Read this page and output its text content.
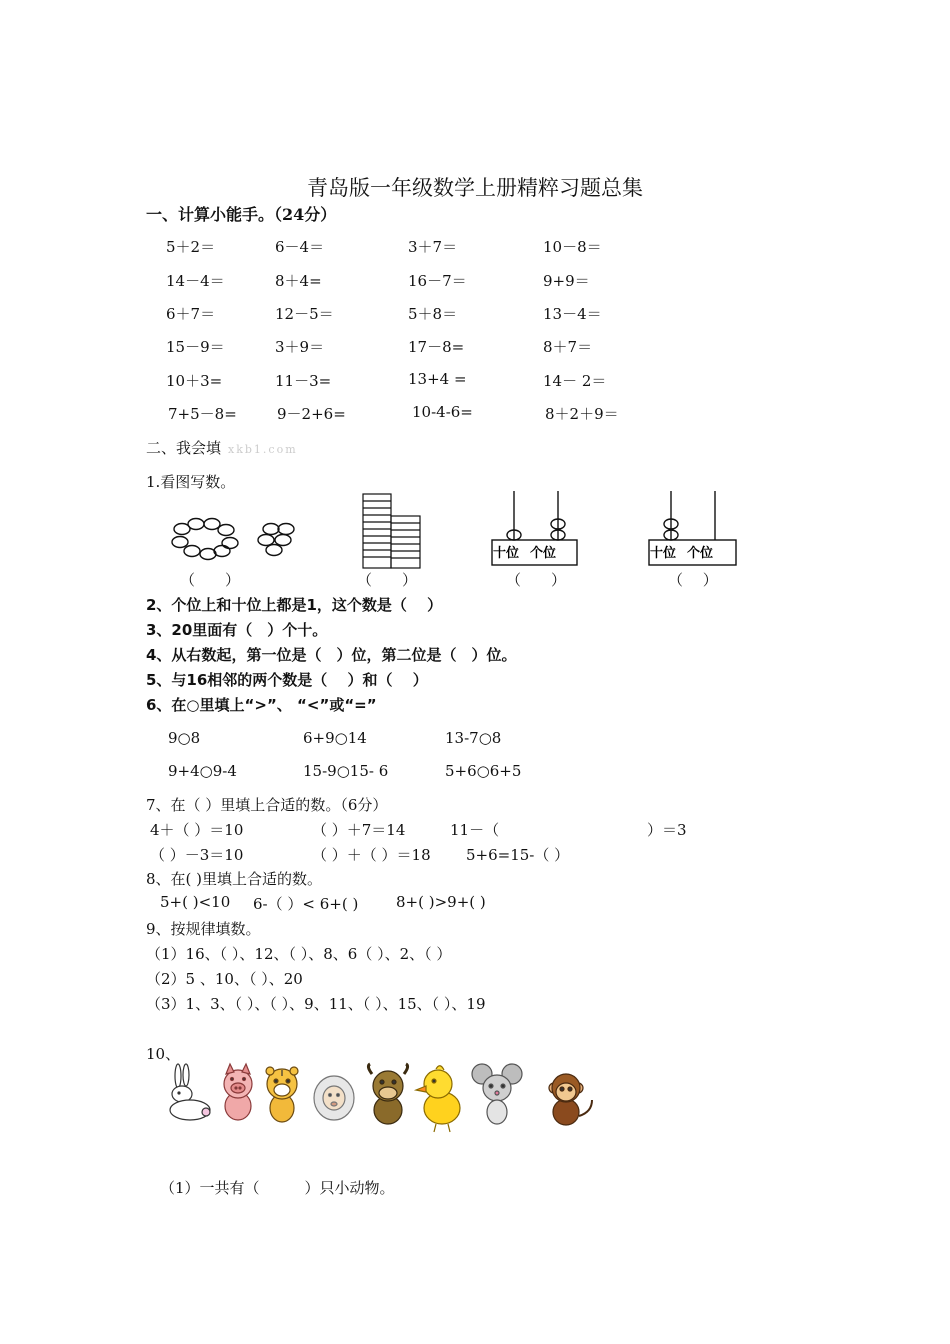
青岛版一年级数学上册精粹习题总集
一、计算小能手。（24分）
5＋2＝	6－4＝	3＋7＝	10－8＝
14－4＝	8＋4=	16－7＝	9+9＝
6＋7＝	12－5＝	5＋8＝	13－4＝
15－9＝	3＋9＝	17－8=	8＋7＝
10＋3=	11－3=	13+4 =	14－ 2＝
7+5－8=	9－2+6=	10-4-6=	8＋2＋9＝
二、我会填 xkb1.com
1.看图写数。
十位 个位	十位 个位
（　　）	（　　）	（　　）	（　 ）
2、个位上和十位上都是1，这个数是（　 ）
3、20里面有（　）个十。
4、从右数起，第一位是（　）位，第二位是（　）位。
5、与16相邻的两个数是（　 ）和（　 ）
6、在○里填上“>”、 “<”或“=”
9○8	6+9○14	13-7○8
9+4○9-4	15-9○15- 6	5+6○6+5
7、在（ ）里填上合适的数。（6分）
4＋（ ）＝10	（ ）＋7＝14	11－（	）＝3
（ ）－3＝10	（ ）＋（ ）＝18 5+6=15-（ ）
8、在( )里填上合适的数。
5+( )<10 6-（ ）< 6+( )	8+( )>9+( )
9、按规律填数。
（1）16、（ ）、12、（ ）、8、6（ ）、2、（ ）
（2）5 、10、（ ）、20
（3）1、3、（ ）、（ ）、9、11、（ ）、15、（ ）、19
10、
（1）一共有（　　　）只小动物。
